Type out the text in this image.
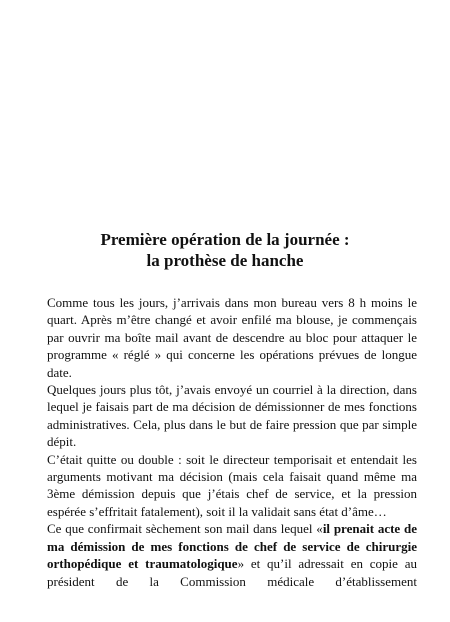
Première opération de la journée :
la prothèse de hanche

Comme tous les jours, j’arrivais dans mon bureau vers 8 h moins le quart. Après m’être changé et avoir enfilé ma blouse, je commençais par ouvrir ma boîte mail avant de descendre au bloc pour attaquer le programme « réglé » qui concerne les opérations prévues de longue date.

Quelques jours plus tôt, j’avais envoyé un courriel à la direction, dans lequel je faisais part de ma décision de démissionner de mes fonctions administratives. Cela, plus dans le but de faire pression que par simple dépit.

C’était quitte ou double : soit le directeur temporisait et entendait les arguments motivant ma décision (mais cela faisait quand même ma 3ème démission depuis que j’étais chef de service, et la pression espérée s’effritait fatalement), soit il la validait sans état d’âme…

Ce que confirmait sèchement son mail dans lequel «il prenait acte de ma démission de mes fonctions de chef de service de chirurgie orthopédique et traumatologique» et qu’il adressait en copie au président de la Commission médicale d’établissement
